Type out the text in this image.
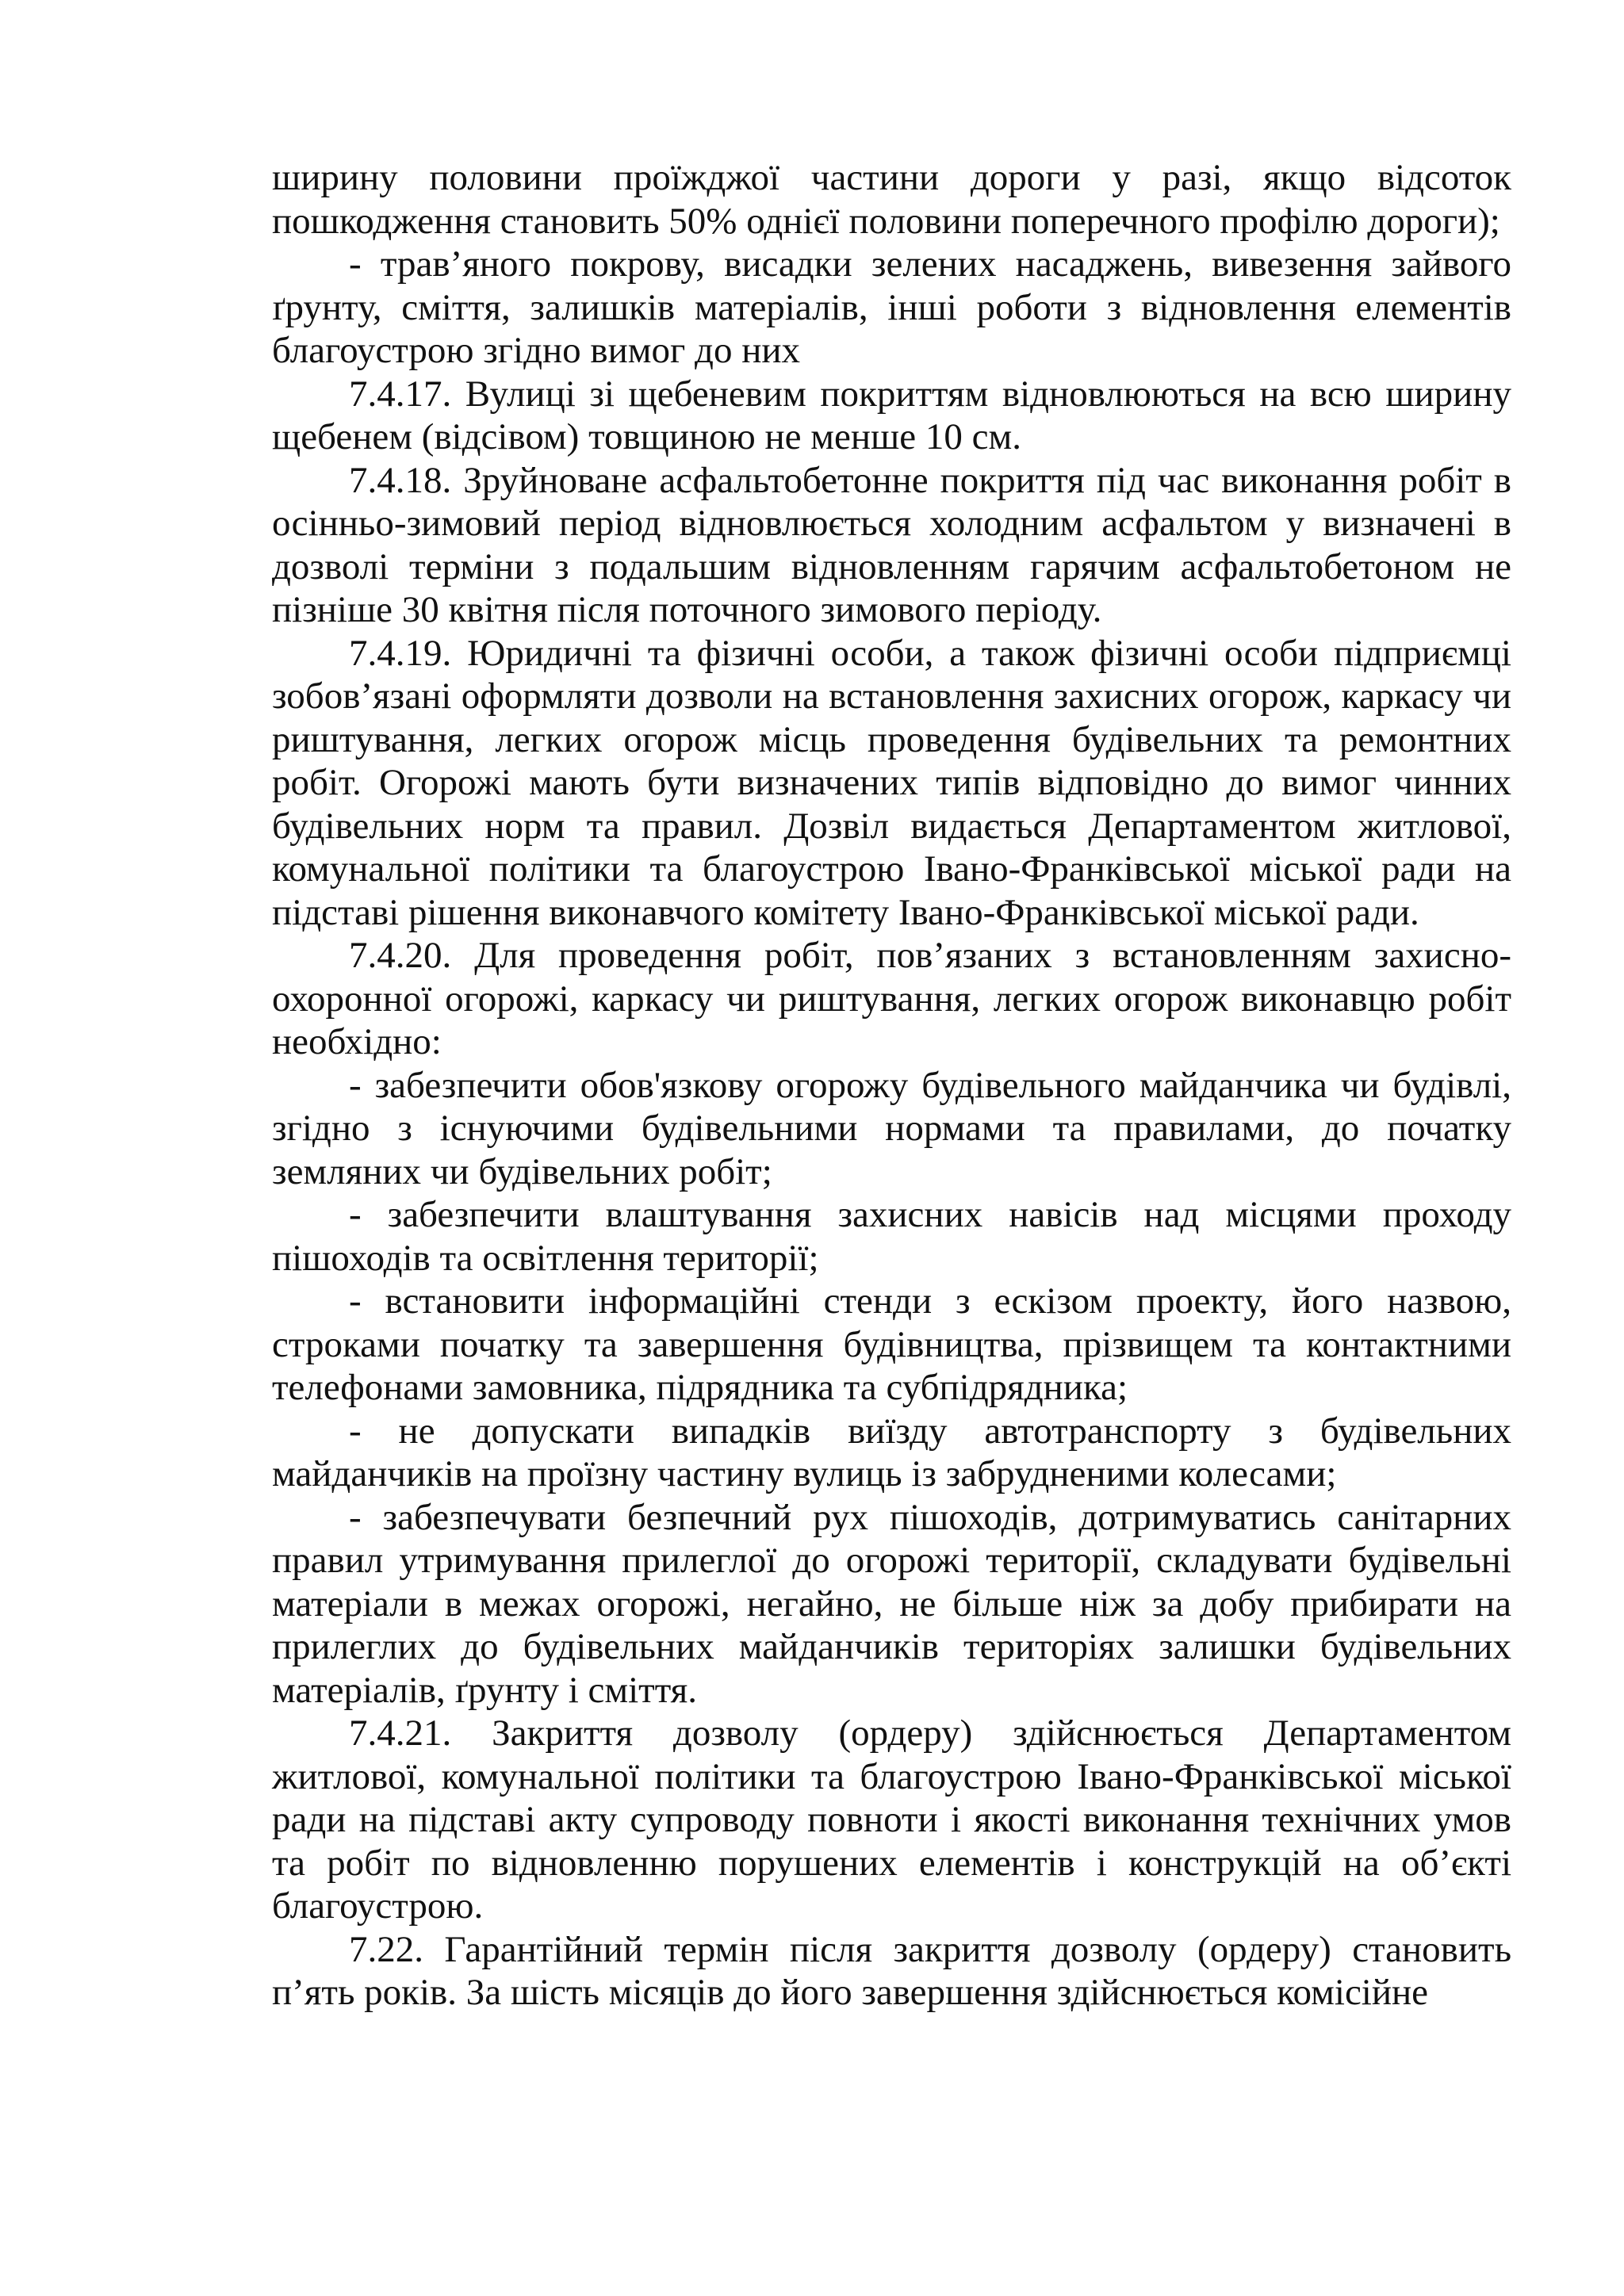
ширину половини проїжджої частини дороги у разі, якщо відсоток пошкодження становить 50% однієї половини поперечного профілю дороги);

- трав’яного покрову, висадки зелених насаджень, вивезення зайвого ґрунту, сміття, залишків матеріалів, інші роботи з відновлення елементів благоустрою згідно вимог до них

7.4.17. Вулиці зі щебеневим покриттям відновлюються на всю ширину щебенем (відсівом) товщиною не менше 10 см.

7.4.18. Зруйноване асфальтобетонне покриття під час виконання робіт в осінньо-зимовий період відновлюється холодним асфальтом у визначені в дозволі терміни з подальшим відновленням гарячим асфальтобетоном не пізніше 30 квітня після поточного зимового періоду.

7.4.19. Юридичні та фізичні особи, а також фізичні особи підприємці зобов’язані оформляти дозволи на встановлення захисних огорож, каркасу чи риштування, легких огорож місць проведення будівельних та ремонтних робіт. Огорожі мають бути визначених типів відповідно до вимог чинних будівельних норм та правил. Дозвіл видається Департаментом житлової, комунальної політики та благоустрою Івано-Франківської міської ради на підставі рішення виконавчого комітету Івано-Франківської міської ради.

7.4.20. Для проведення робіт, пов’язаних з встановленням захисно-охоронної огорожі, каркасу чи риштування, легких огорож виконавцю робіт необхідно:

- забезпечити обов'язкову огорожу будівельного майданчика чи будівлі, згідно з існуючими будівельними нормами та правилами, до початку земляних чи будівельних робіт;

- забезпечити влаштування захисних навісів над місцями проходу пішоходів та освітлення території;

- встановити інформаційні стенди з ескізом проекту, його назвою, строками початку та завершення будівництва, прізвищем та контактними телефонами замовника, підрядника та субпідрядника;

- не допускати випадків виїзду автотранспорту з будівельних майданчиків на проїзну частину вулиць із забрудненими колесами;

- забезпечувати безпечний рух пішоходів, дотримуватись санітарних правил утримування прилеглої до огорожі території, складувати будівельні матеріали в межах огорожі, негайно, не більше ніж за добу прибирати на прилеглих до будівельних майданчиків територіях залишки будівельних матеріалів, ґрунту і сміття.

7.4.21. Закриття дозволу (ордеру) здійснюється Департаментом житлової, комунальної політики та благоустрою Івано-Франківської міської ради на підставі акту супроводу повноти і якості виконання технічних умов та робіт по відновленню порушених елементів і конструкцій на об’єкті благоустрою.

7.22. Гарантійний термін після закриття дозволу (ордеру) становить п’ять років. За шість місяців до його завершення здійснюється комісійне
